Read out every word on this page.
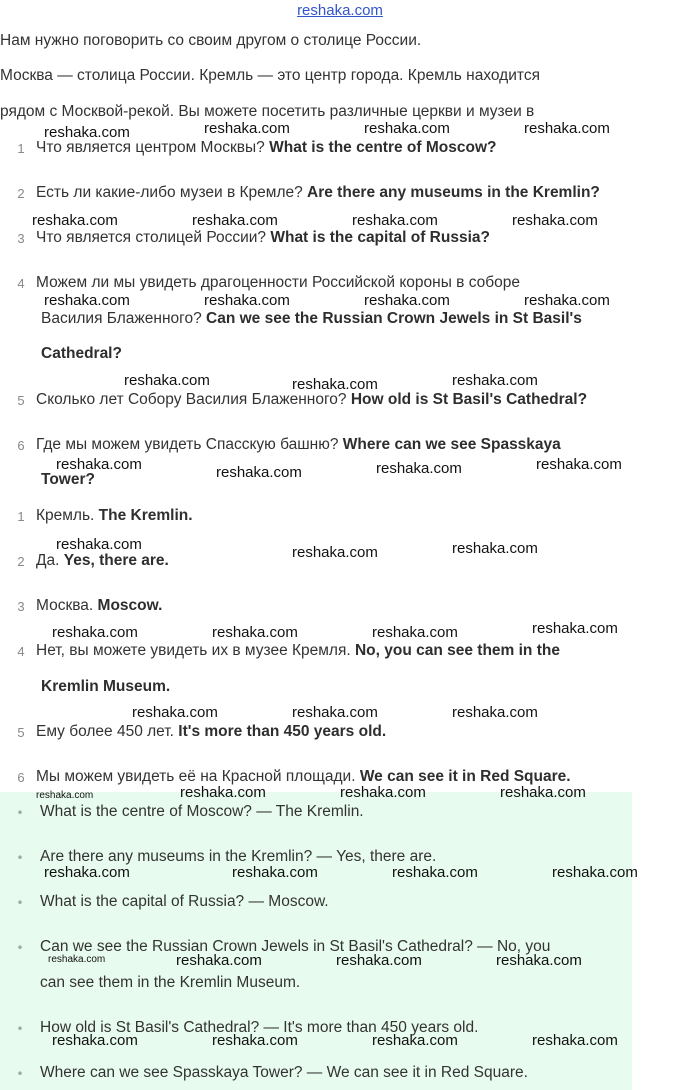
reshaka.com
Нам нужно поговорить со своим другом о столице России.
Москва — столица России. Кремль — это центр города. Кремль находится
рядом с Москвой-рекой. Вы можете посетить различные церкви и музеи в
1 Что является центром Москвы? What is the centre of Moscow?
2 Есть ли какие-либо музеи в Кремле? Are there any museums in the Kremlin?
3 Что является столицей России? What is the capital of Russia?
4 Можем ли мы увидеть драгоценности Российской короны в соборе
Василия Блаженного? Can we see the Russian Crown Jewels in St Basil's
Cathedral?
5 Сколько лет Собору Василия Блаженного? How old is St Basil's Cathedral?
6 Где мы можем увидеть Спасскую башню? Where can we see Spasskaya
Tower?
1 Кремль. The Kremlin.
2 Да. Yes, there are.
3 Москва. Moscow.
4 Нет, вы можете увидеть их в музее Кремля. No, you can see them in the
Kremlin Museum.
5 Ему более 450 лет. It's more than 450 years old.
6 Мы можем увидеть её на Красной площади. We can see it in Red Square.
• What is the centre of Moscow? — The Kremlin.
• Are there any museums in the Kremlin? — Yes, there are.
• What is the capital of Russia? — Moscow.
• Can we see the Russian Crown Jewels in St Basil's Cathedral? — No, you
can see them in the Kremlin Museum.
• How old is St Basil's Cathedral? — It's more than 450 years old.
• Where can we see Spasskaya Tower? — We can see it in Red Square.
reshaka.com	reshaka.com	reshaka.com	reshaka.com
reshaka.com	reshaka.com	reshaka.com	reshaka.com
reshaka.com	reshaka.com	reshaka.com	reshaka.com
reshaka.com	reshaka.com	reshaka.com
reshaka.com	reshaka.com	reshaka.com	reshaka.com
reshaka.com	reshaka.com	reshaka.com
reshaka.com	reshaka.com	reshaka.com	reshaka.com
reshaka.com	reshaka.com	reshaka.com
reshaka.com	reshaka.com	reshaka.com	reshaka.com
reshaka.com	reshaka.com	reshaka.com	reshaka.com
reshaka.com	reshaka.com	reshaka.com	reshaka.com
reshaka.com	reshaka.com	reshaka.com	reshaka.com
